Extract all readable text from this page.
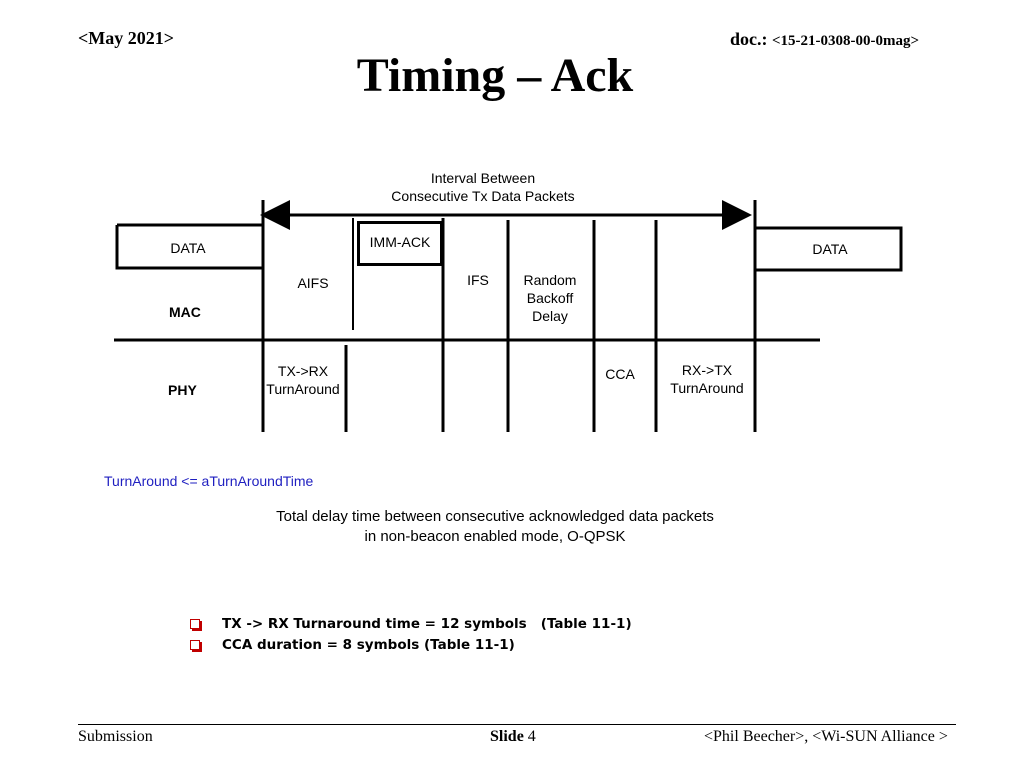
<May 2021>	doc.: <15-21-0308-00-0mag>
Timing – Ack
IMM-ACK
Interval Between
Consecutive Tx Data Packets
DATA	DATA
AIFS	IFS	Random
Backoff
Delay
MAC
PHY
TX->RX
TurnAround
CCA	RX->TX
TurnAround
TurnAround <= aTurnAroundTime
Total delay time between consecutive acknowledged data packets
in non-beacon enabled mode, O-QPSK
TX -> RX Turnaround time = 12 symbols   (Table 11-1)
CCA duration = 8 symbols (Table 11-1)
Submission	Slide 4	<Phil Beecher>, <Wi-SUN Alliance >
